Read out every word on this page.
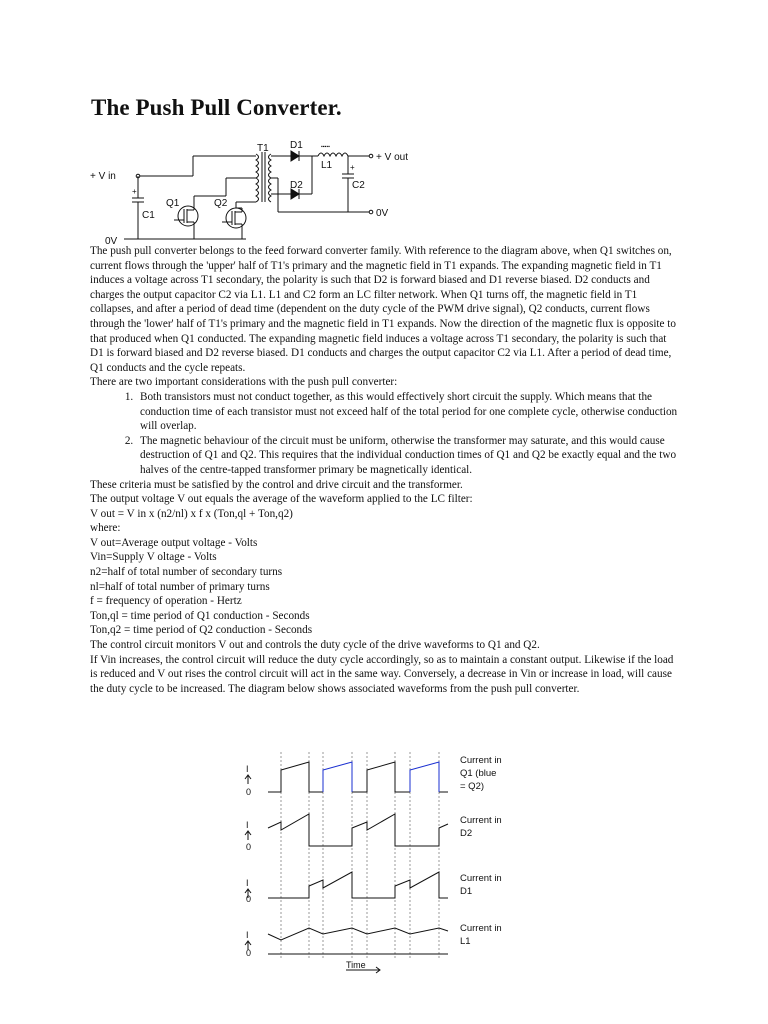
The Push Pull Converter.
+ V in
+
C1
0V
T1
Q1	Q2
D1
D2
▪▪▪▪▪
L1
+ V out
+
C2
0V

The push pull converter belongs to the feed forward converter family. With reference to the diagram above, when Q1 switches on, current flows through the 'upper' half of T1's primary and the magnetic field in T1 expands. The expanding magnetic field in T1 induces a voltage across T1 secondary, the polarity is such that D2 is forward biased and D1 reverse biased. D2 conducts and charges the output capacitor C2 via L1. L1 and C2 form an LC filter network. When Q1 turns off, the magnetic field in T1 collapses, and after a period of dead time (dependent on the duty cycle of the PWM drive signal), Q2 conducts, current flows through the 'lower' half of T1's primary and the magnetic field in T1 expands. Now the direction of the magnetic flux is opposite to that produced when Q1 conducted. The expanding magnetic field induces a voltage across T1 secondary, the polarity is such that D1 is forward biased and D2 reverse biased. D1 conducts and charges the output capacitor C2 via L1. After a period of dead time, Q1 conducts and the cycle repeats.

There are two important considerations with the push pull converter:

1. Both transistors must not conduct together, as this would effectively short circuit the supply. Which means that the conduction time of each transistor must not exceed half of the total period for one complete cycle, otherwise conduction will overlap.
2. The magnetic behaviour of the circuit must be uniform, otherwise the transformer may saturate, and this would cause destruction of Q1 and Q2. This requires that the individual conduction times of Q1 and Q2 be exactly equal and the two halves of the centre-tapped transformer primary be magnetically identical.

These criteria must be satisfied by the control and drive circuit and the transformer.

The output voltage V out equals the average of the waveform applied to the LC filter:

V out = V in x (n2/nl) x f x (Ton,ql + Ton,q2)

where:

V out=Average output voltage - Volts

Vin=Supply V oltage - Volts

n2=half of total number of secondary turns

nl=half of total number of primary turns

f = frequency of operation - Hertz

Ton,ql = time period of Q1 conduction - Seconds

Ton,q2 = time period of Q2 conduction - Seconds

The control circuit monitors V out and controls the duty cycle of the drive waveforms to Q1 and Q2.

If Vin increases, the control circuit will reduce the duty cycle accordingly, so as to maintain a constant output. Likewise if the load is reduced and V out rises the control circuit will act in the same way. Conversely, a decrease in Vin or increase in load, will cause the duty cycle to be increased. The diagram below shows associated waveforms from the push pull converter.

I
0
Current in
Q1 (blue
= Q2)
I
0
Current in
D2
I
0
Current in
D1
I
0
Current in
L1
Time
